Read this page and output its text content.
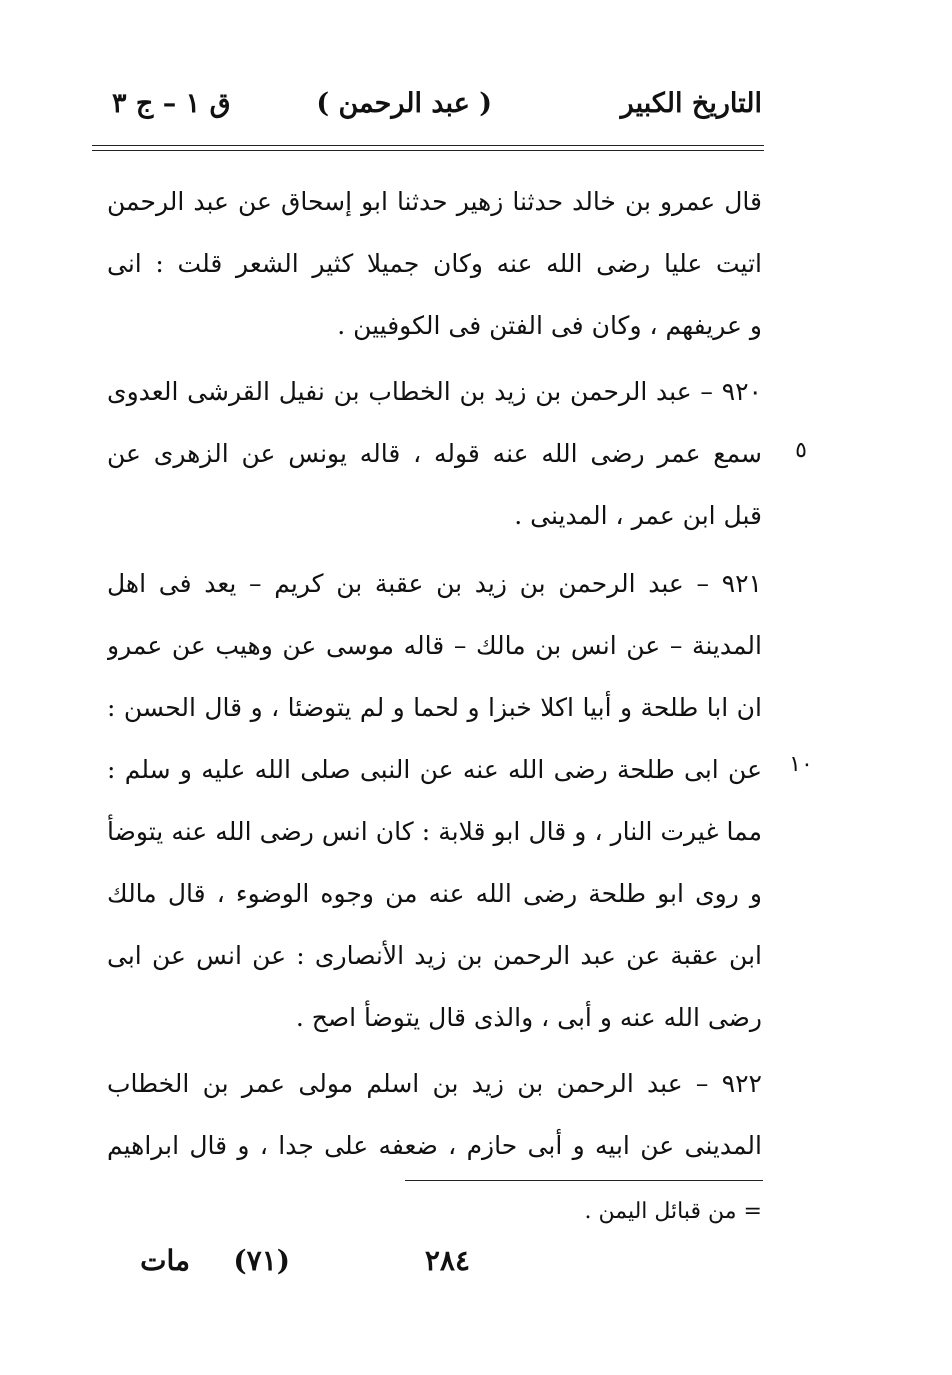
التاريخ الكبير
( عبد الرحمن )
ق ١ – ج ٣
قال عمرو بن خالد حدثنا زهير حدثنا ابو إسحاق عن عبد الرحمن
اتيت عليا رضى الله عنه وكان جميلا كثير الشعر قلت : انى
و عريفهم ، وكان فى الفتن فى الكوفيين .
٩٢٠ – عبد الرحمن بن زيد بن الخطاب بن نفيل القرشى العدوى
سمع عمر رضى الله عنه قوله ، قاله يونس عن الزهرى عن
قبل ابن عمر ، المدينى .
٩٢١ – عبد الرحمن بن زيد بن عقبة بن كريم – يعد فى اهل
المدينة – عن انس بن مالك – قاله موسى عن وهيب عن عمرو
ان ابا طلحة و أبيا اكلا خبزا و لحما و لم يتوضئا ، و قال الحسن :
عن ابى طلحة رضى الله عنه عن النبى صلى الله عليه و سلم :
مما غيرت النار ، و قال ابو قلابة : كان انس رضى الله عنه يتوضأ
و روى ابو طلحة رضى الله عنه من وجوه الوضوء ، قال مالك
ابن عقبة عن عبد الرحمن بن زيد الأنصارى : عن انس عن ابى
رضى الله عنه و أبى ، والذى قال يتوضأ اصح .
٩٢٢ – عبد الرحمن بن زيد بن اسلم مولى عمر بن الخطاب
المدينى عن ابيه و أبى حازم ، ضعفه على جدا ، و قال ابراهيم
٥
١٠
= من قبائل اليمن .
٢٨٤
(٧١)
مات
